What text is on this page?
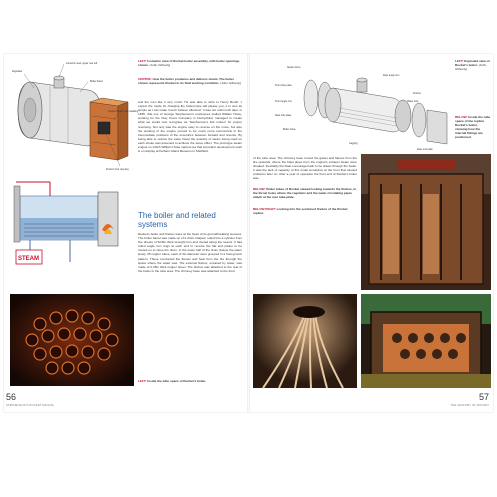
Isometric view, upper rear left
Regulator
Boiler barrel
Copper firebox with cladding
Firebox door opening
LEFT: Isometric view of Rocket boiler assembly, with boiler openings shown. (John Gilhooly)
CENTRE: How the boiler produces and delivers steam. The boiler shown represents Rocket in its final working condition. (John Gilhooly)
and the men like it very much. He was able to write to Henry Booth: 'I expect the mode for charging the boiled pipe will please you, it is now as simple as I can make it and I believe effectual.' It was not until much later, in 1845, that one of George Stephenson's employees (called William Howe, working for the Clay Cross Company in Derbyshire) managed to create what we would now recognise as 'Stephenson's link motion' for proper reversing. Not only was the engine easy to reverse on the move, but also the working of the engine proved to be much more economical in the intermediate positions of the eccentrics between forward and reverse. By being able to reduce the valve travel the quantity of steam being used on each stroke was lessened to achieve the same effect. The prototype steam engine on which William Howe carried out that important development work is on display at Kelham Island Museum in Sheffield.
STEAM
The boiler and related systems
Rocket's boiler and firebox were at the heart of its groundbreaking success. The boiler barrel was made up of a drum-shaped, rolled into a cylinder from five sheets of 5/16in thick wrought iron and riveted along the seams. It had rolled angle iron rings at each end to receive the flat end plates to be riveted on to close the drum. In the lower half of the drum (below the water level), 25 copper tubes, each of 3in diameter were grouped in a honeycomb pattern. These conducted the flames and heat from the fire through the space where the water was. The external firebox, encased by water, was made of 0.25in thick copper sheet. The firebox was attached to the rear of the boiler in the tube area. The chimney base was attached to the front
LEFT: Inside the tube space of Rocket's boiler.
56
STEPHENSON'S ROCKET MANUAL
Steam dome
Front tube plate
Front angle iron
Rear tube plate
Boiler tubes
Lagging
Rear angle iron
Firebox
Water inlet
Rear end plate
LEFT: Exploded view of Rocket's boiler. (John Gilhooly)
BELOW: Inside the tube space of the replica Rocket's boiler, showing how the internal fittings are positioned.
of the tube area. The chimney base turned the gases and flames from the fire upwards, where the blast pipes from the engine's exhaust steam were situated. Inevitably the blast encouraged ash to be drawn through the boiler. It was the lack of capacity of this small smokebox at the front that caused problems later on. After a year of operation the front end of Rocket's boiler was
BELOW: Boiler tubes of Rocket viewed looking towards the firebox, to the throat holes where the regulator and the water circulating pipes attach at the rear tube-plate.
BELOW RIGHT: Looking into the sectioned firebox of the Rocket replica.
57
THE ANATOMY OF ROCKET
